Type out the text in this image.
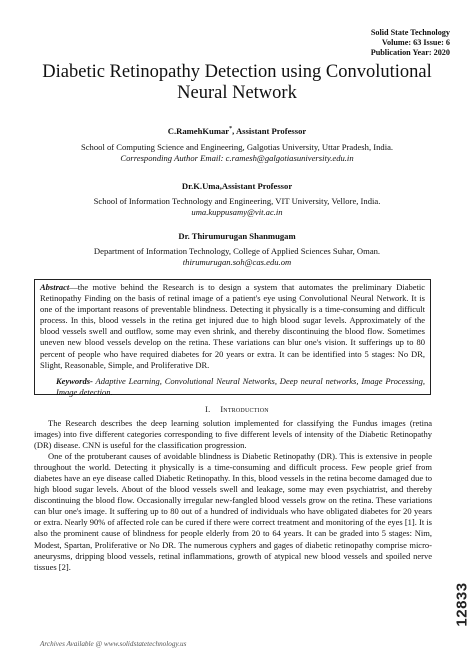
Solid State Technology
Volume: 63 Issue: 6
Publication Year: 2020
Diabetic Retinopathy Detection using Convolutional
Neural Network
C.RamehKumar*, Assistant Professor
School of Computing Science and Engineering, Galgotias University, Uttar Pradesh, India.
Corresponding Author Email: c.ramesh@galgotiasuniversity.edu.in
Dr.K.Uma,Assistant Professor
School of Information Technology and Engineering, VIT University, Vellore, India.
uma.kuppusamy@vit.ac.in
Dr. Thirumurugan Shanmugam
Department of Information Technology, College of Applied Sciences Suhar, Oman.
thirumurugan.soh@cas.edu.om
Abstract—the motive behind the Research is to design a system that automates the preliminary Diabetic Retinopathy Finding on the basis of retinal image of a patient's eye using Convolutional Neural Network. It is one of the important reasons of preventable blindness. Detecting it physically is a time-consuming and difficult process. In this, blood vessels in the retina get injured due to high blood sugar levels. Approximately of the blood vessels swell and outflow, some may even shrink, and thereby discontinuing the blood flow. Sometimes uneven new blood vessels develop on the retina. These variations can blur one's vision. It sufferings up to 80 percent of people who have required diabetes for 20 years or extra. It can be identified into 5 stages: No DR, Slight, Reasonable, Simple, and Proliferative DR.
Keywords- Adaptive Learning, Convolutional Neural Networks, Deep neural networks, Image Processing, Image detection.
I. Introduction

The Research describes the deep learning solution implemented for classifying the Fundus images (retina images) into five different categories corresponding to five different levels of intensity of the Diabetic Retinopathy (DR) disease. CNN is useful for the classification progression.

One of the protuberant causes of avoidable blindness is Diabetic Retinopathy (DR). This is extensive in people throughout the world. Detecting it physically is a time-consuming and difficult process. Few people grief from diabetes have an eye disease called Diabetic Retinopathy. In this, blood vessels in the retina become damaged due to high blood sugar levels. About of the blood vessels swell and leakage, some may even psychiatrist, and thereby discontinuing the blood flow. Occasionally irregular new-fangled blood vessels grow on the retina. These variations can blur one's image. It suffering up to 80 out of a hundred of individuals who have obligated diabetes for 20 years or extra. Nearly 90% of affected role can be cured if there were correct treatment and monitoring of the eyes [1]. It is also the prominent cause of blindness for people elderly from 20 to 64 years. It can be graded into 5 stages: Nim, Modest, Spartan, Proliferative or No DR. The numerous cyphers and gages of diabetic retinopathy comprise micro-aneurysms, dripping blood vessels, retinal inflammations, growth of atypical new blood vessels and spoiled nerve tissues [2].

Archives Available @ www.solidstatetechnology.us
12833
